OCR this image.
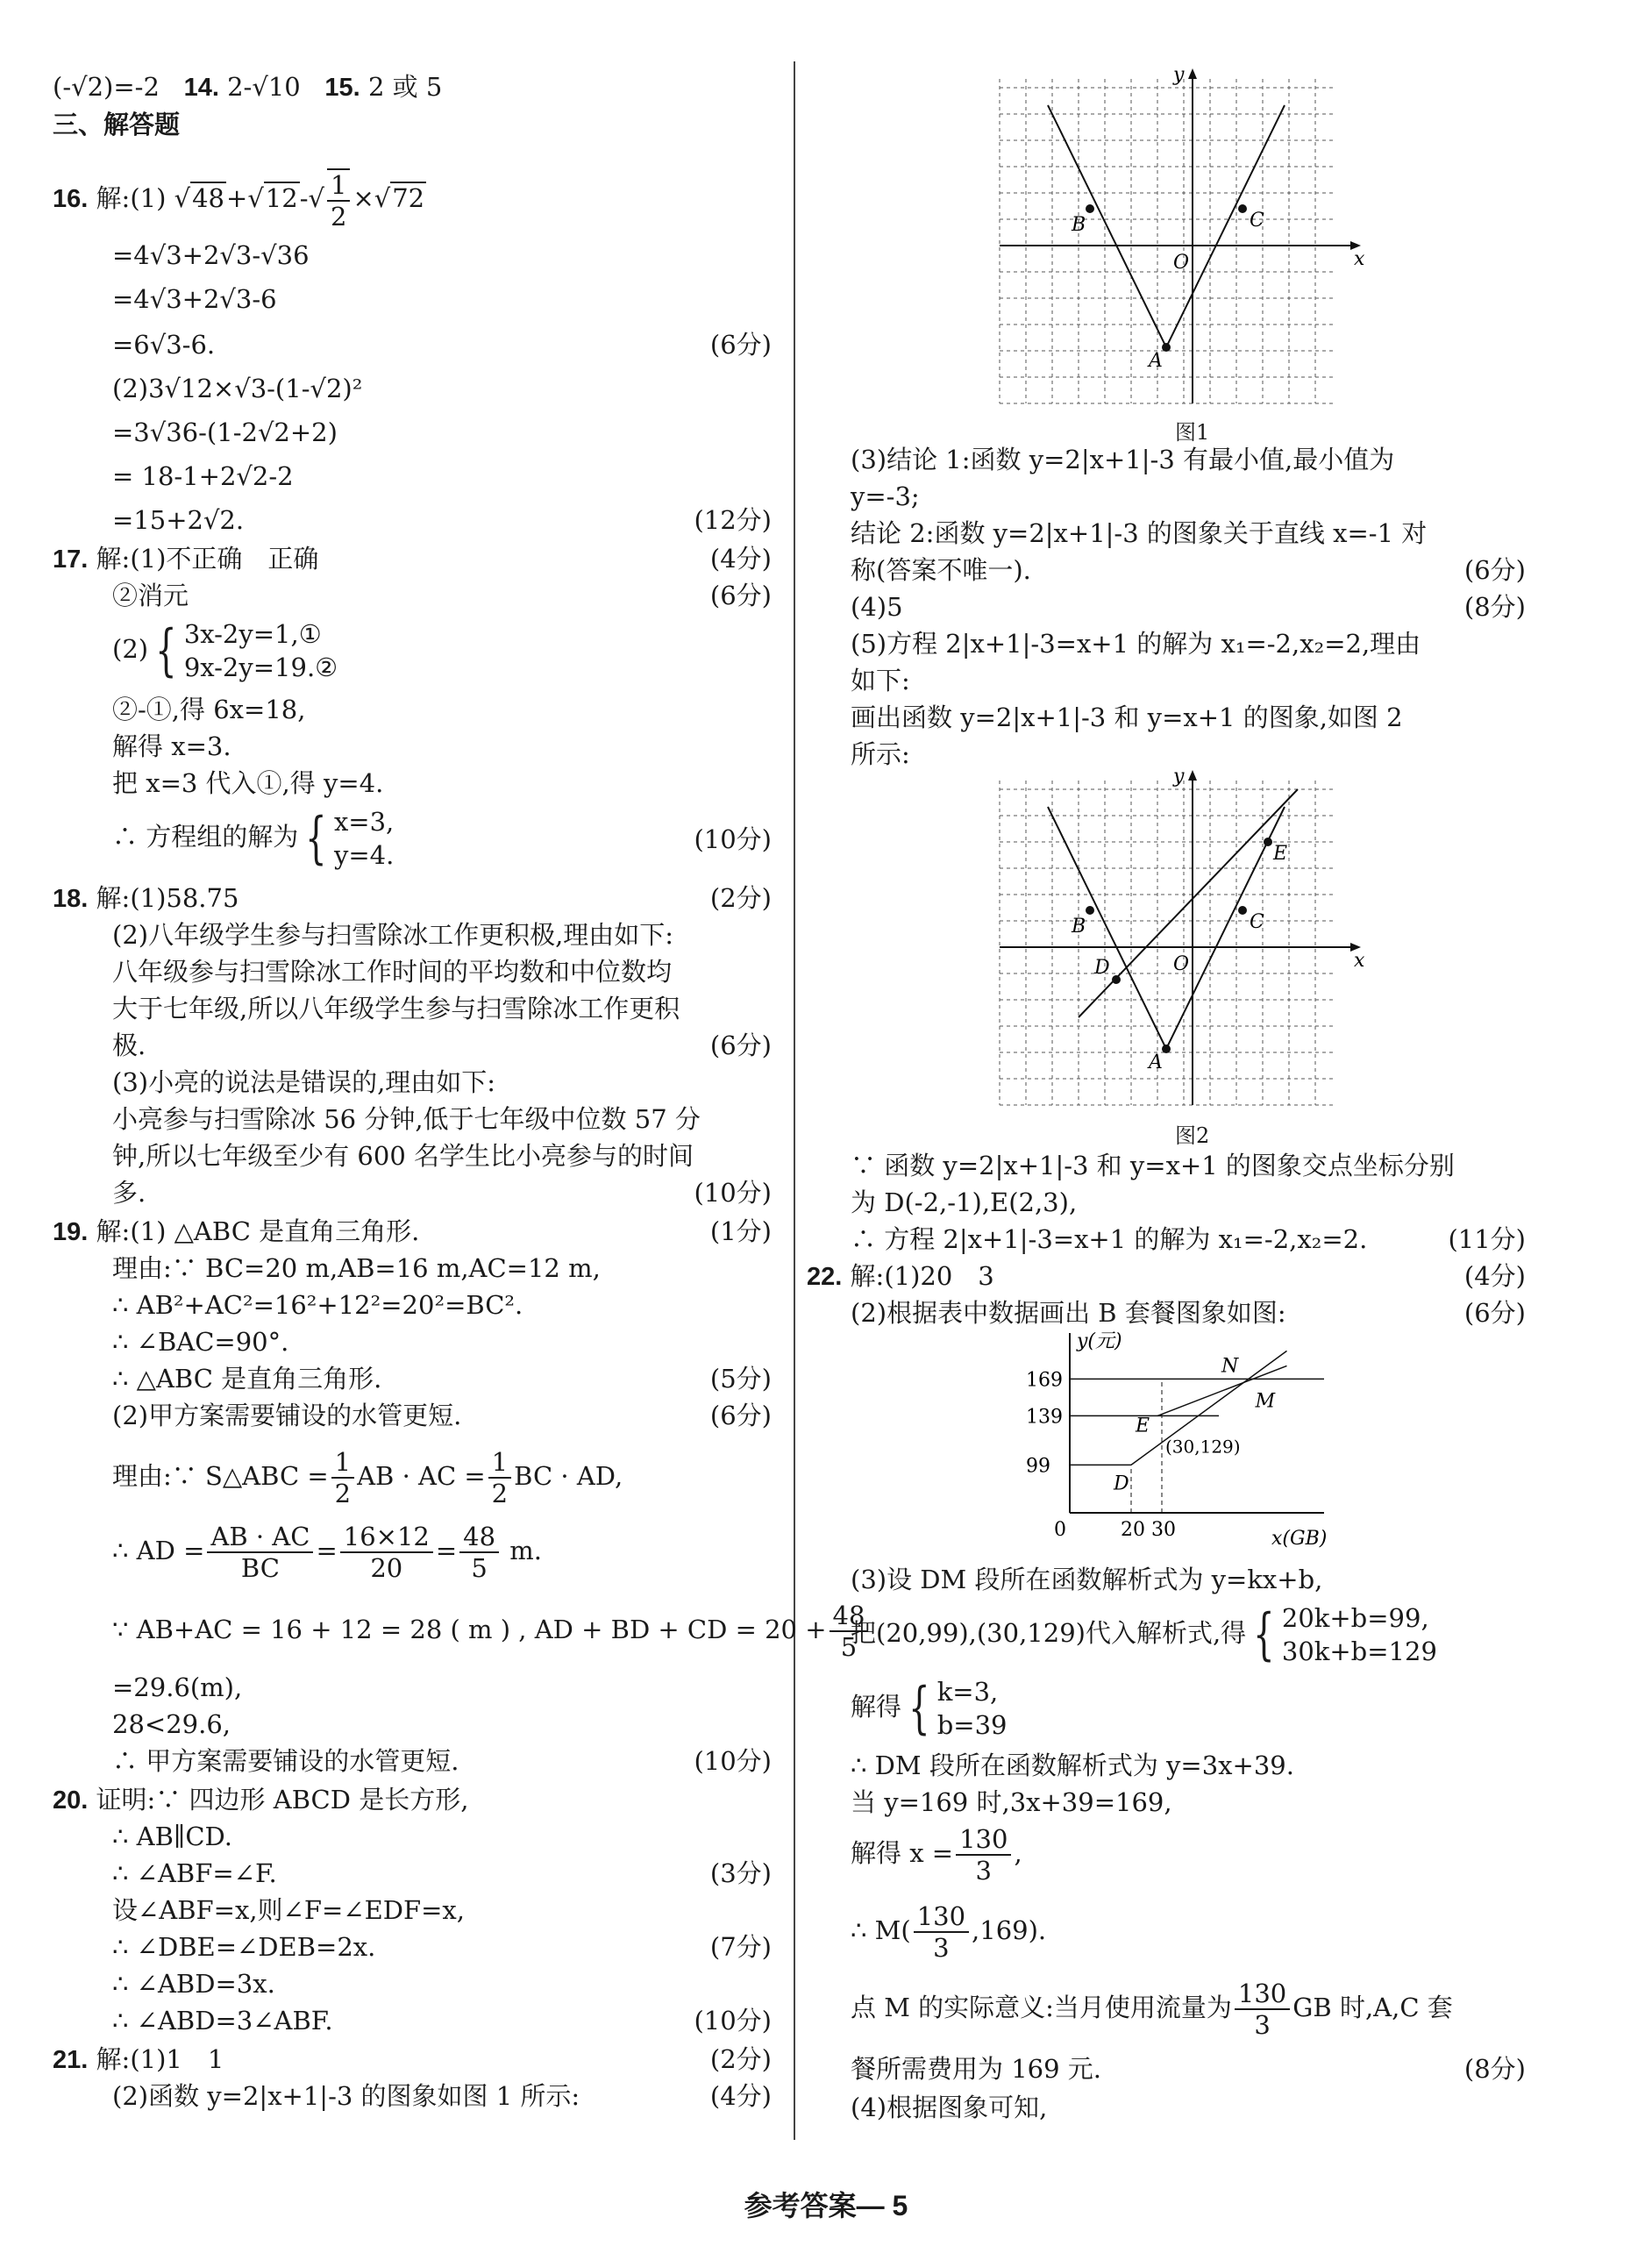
(-√2)=-2 14. 2-√10 15. 2 或 5
三、解答题
16. 解:(1) $√48+√12-√ \frac{1}{2} \times√72$
=4√3+2√3-√36
=4√3+2√3-6
=6√3-6.	(6分)
(2)3√12×√3-(1-√2)²
=3√36-(1-2√2+2)
= 18-1+2√2-2
=15+2√2.	(12分)
17. 解:(1)不正确　正确	(4分)
②消元	(6分)
(2) { 3x-2y=1,①
9x-2y=19.②
②-①,得 6x=18,
解得 x=3.
把 x=3 代入①,得 y=4.
∴ 方程组的解为 { x=3,
y=4.
(10分)
18. 解:(1)58.75	(2分)
(2)八年级学生参与扫雪除冰工作更积极,理由如下:
八年级参与扫雪除冰工作时间的平均数和中位数均
大于七年级,所以八年级学生参与扫雪除冰工作更积
极.	(6分)
(3)小亮的说法是错误的,理由如下:
小亮参与扫雪除冰 56 分钟,低于七年级中位数 57 分
钟,所以七年级至少有 600 名学生比小亮参与的时间
多.	(10分)
19. 解:(1) △ABC 是直角三角形.	(1分)
理由:∵ BC=20 m,AB=16 m,AC=12 m,
∴ AB²+AC²=16²+12²=20²=BC².
∴ ∠BAC=90°.
∴ △ABC 是直角三角形.	(5分)
(2)甲方案需要铺设的水管更短.	(6分)
理由:∵ S△ABC = $\frac{1}{2}$ AB · AC = $\frac{1}{2}$ BC · AD,
∴ AD = $\frac{AB \cdot AC}{BC} = \frac{16\times 12}{20} = \frac{48}{5} m$.
∵ AB+AC = 16 + 12 = 28 ( m ) , AD + BD + CD = $20 + \frac{48}{5}$
=29.6(m),
28<29.6,
∴ 甲方案需要铺设的水管更短.	(10分)
20. 证明:∵ 四边形 ABCD 是长方形,
∴ AB∥CD.
∴ ∠ABF=∠F.	(3分)
设∠ABF=x,则∠F=∠EDF=x,
∴ ∠DBE=∠DEB=2x.	(7分)
∴ ∠ABD=3x.
∴ ∠ABD=3∠ABF.	(10分)
21. 解:(1)1　1	(2分)
(2)函数 y=2|x+1|-3 的图象如图 1 所示:	(4分)
B	C
A
O	x
y
图1
(3)结论 1:函数 y=2|x+1|-3 有最小值,最小值为
y=-3;
结论 2:函数 y=2|x+1|-3 的图象关于直线 x=-1 对
称(答案不唯一).	(6分)
(4)5	(8分)
(5)方程 2|x+1|-3=x+1 的解为 x₁=-2,x₂=2,理由
如下:
画出函数 y=2|x+1|-3 和 y=x+1 的图象,如图 2
所示:
B	C
A
D
E
O	x
y
图2
∵ 函数 y=2|x+1|-3 和 y=x+1 的图象交点坐标分别
为 D(-2,-1),E(2,3),
∴ 方程 2|x+1|-3=x+1 的解为 x₁=-2,x₂=2.	(11分)
22. 解:(1)20　3	(4分)
(2)根据表中数据画出 B 套餐图象如图:	(6分)
y(元)
x(GB)
0
(30,129)
99
139
169
20 30
D
E
M
N
(3)设 DM 段所在函数解析式为 y=kx+b,
把(20,99),(30,129)代入解析式,得 { 20k+b=99,
30k+b=129
解得 { k=3,
b=39
∴ DM 段所在函数解析式为 y=3x+39.
当 y=169 时,3x+39=169,
解得 $x = \frac{130}{3}$ ,
∴ $M( \frac{130}{3} ,169)$.
点 M 的实际意义:当月使用流量为 $\frac{130}{3}$ GB 时,A,C 套
餐所需费用为 169 元.	(8分)
(4)根据图象可知,
参考答案— 5
